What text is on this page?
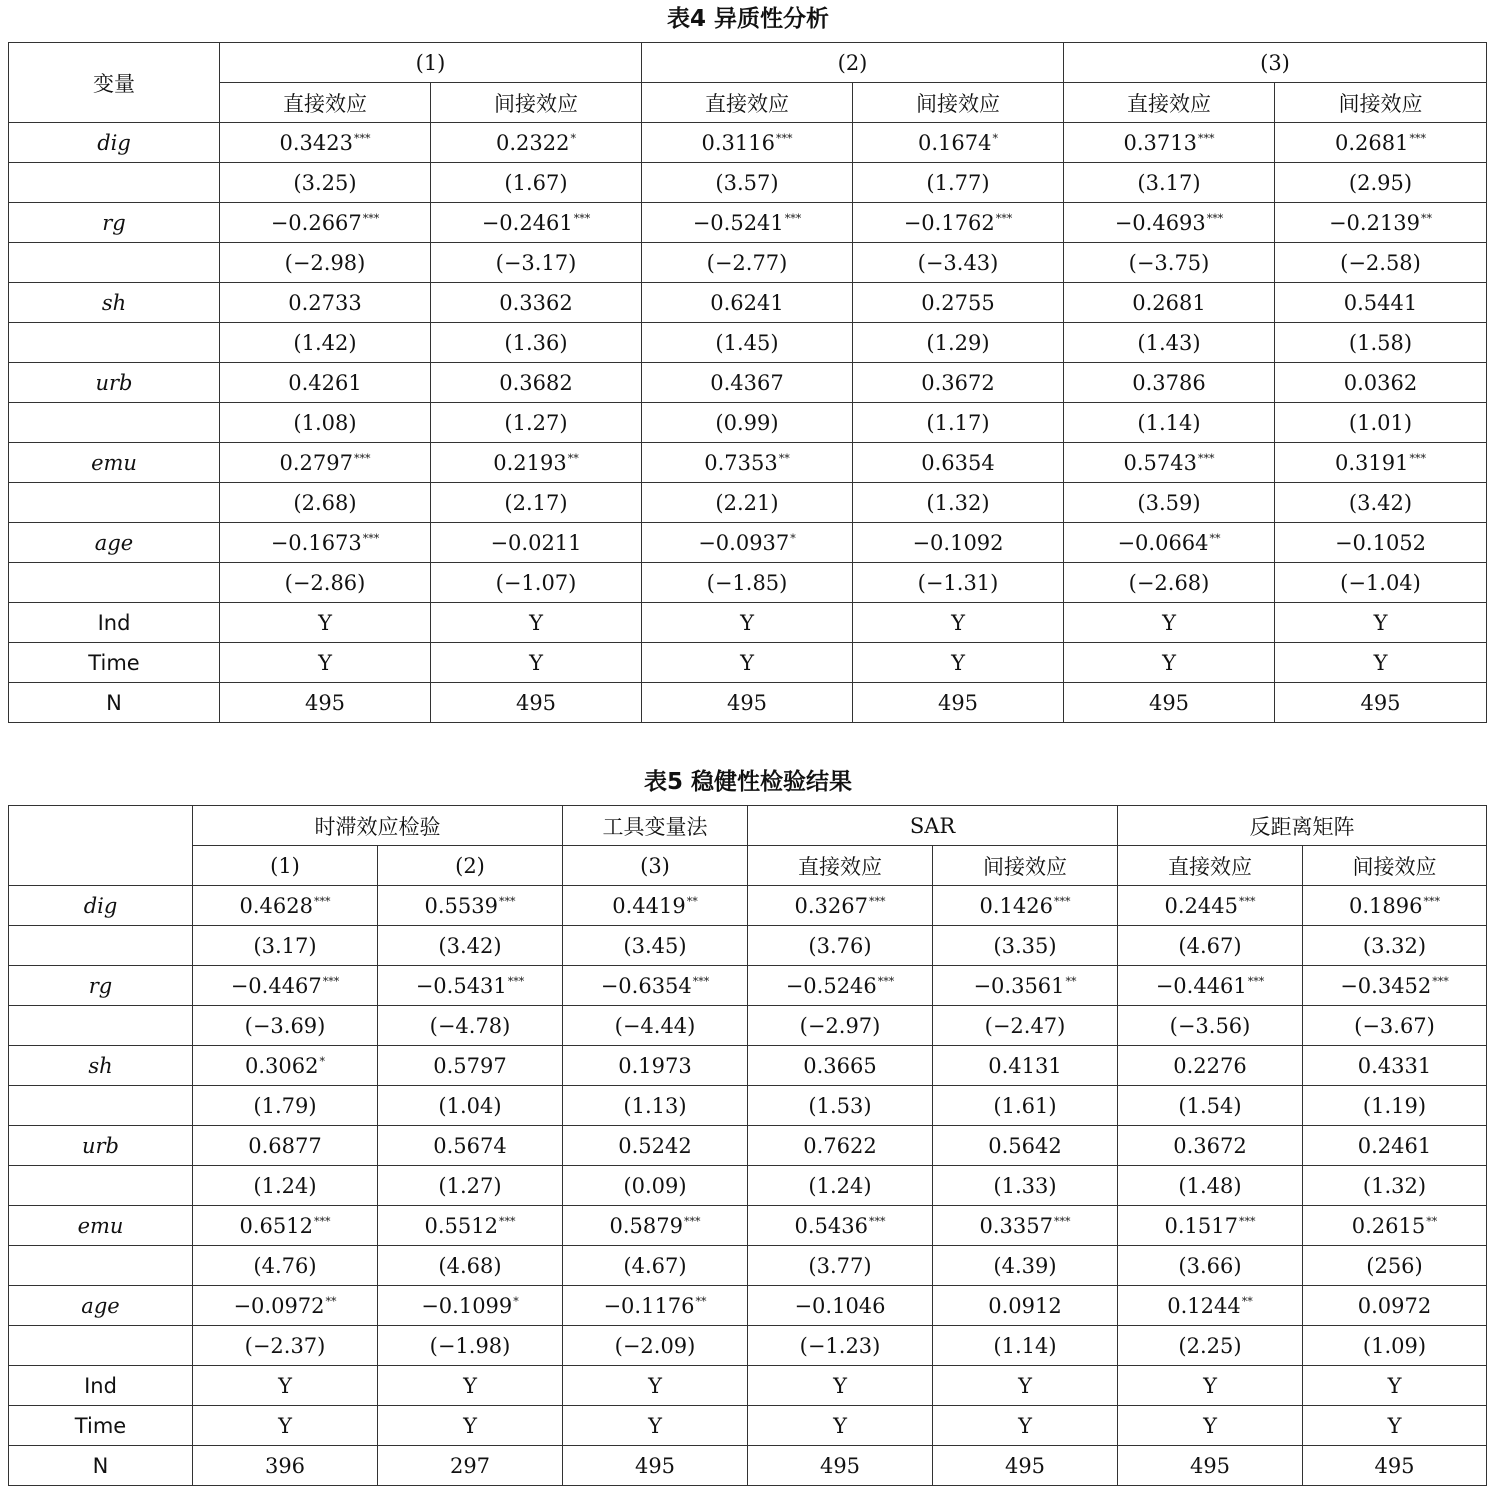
表4 异质性分析
变量	(1)		(2)		(3)	
	直接效应	间接效应	直接效应	间接效应	直接效应	间接效应
dig	0.3423***	0.2322*	0.3116***	0.1674*	0.3713***	0.2681***
	(3.25)	(1.67)	(3.57)	(1.77)	(3.17)	(2.95)
rg	−0.2667***	−0.2461***	−0.5241***	−0.1762***	−0.4693***	−0.2139**
	(−2.98)	(−3.17)	(−2.77)	(−3.43)	(−3.75)	(−2.58)
sh	0.2733	0.3362	0.6241	0.2755	0.2681	0.5441
	(1.42)	(1.36)	(1.45)	(1.29)	(1.43)	(1.58)
urb	0.4261	0.3682	0.4367	0.3672	0.3786	0.0362
	(1.08)	(1.27)	(0.99)	(1.17)	(1.14)	(1.01)
emu	0.2797***	0.2193**	0.7353**	0.6354	0.5743***	0.3191***
	(2.68)	(2.17)	(2.21)	(1.32)	(3.59)	(3.42)
age	−0.1673***	−0.0211	−0.0937*	−0.1092	−0.0664**	−0.1052
	(−2.86)	(−1.07)	(−1.85)	(−1.31)	(−2.68)	(−1.04)
Ind	Y	Y	Y	Y	Y	Y
Time	Y	Y	Y	Y	Y	Y
N	495	495	495	495	495	495
表5 稳健性检验结果
	时滞效应检验		工具变量法	SAR		反距离矩阵	
	(1)	(2)	(3)	直接效应	间接效应	直接效应	间接效应
dig	0.4628***	0.5539***	0.4419**	0.3267***	0.1426***	0.2445***	0.1896***
	(3.17)	(3.42)	(3.45)	(3.76)	(3.35)	(4.67)	(3.32)
rg	−0.4467***	−0.5431***	−0.6354***	−0.5246***	−0.3561**	−0.4461***	−0.3452***
	(−3.69)	(−4.78)	(−4.44)	(−2.97)	(−2.47)	(−3.56)	(−3.67)
sh	0.3062*	0.5797	0.1973	0.3665	0.4131	0.2276	0.4331
	(1.79)	(1.04)	(1.13)	(1.53)	(1.61)	(1.54)	(1.19)
urb	0.6877	0.5674	0.5242	0.7622	0.5642	0.3672	0.2461
	(1.24)	(1.27)	(0.09)	(1.24)	(1.33)	(1.48)	(1.32)
emu	0.6512***	0.5512***	0.5879***	0.5436***	0.3357***	0.1517***	0.2615**
	(4.76)	(4.68)	(4.67)	(3.77)	(4.39)	(3.66)	(256)
age	−0.0972**	−0.1099*	−0.1176**	−0.1046	0.0912	0.1244**	0.0972
	(−2.37)	(−1.98)	(−2.09)	(−1.23)	(1.14)	(2.25)	(1.09)
Ind	Y	Y	Y	Y	Y	Y	Y
Time	Y	Y	Y	Y	Y	Y	Y
N	396	297	495	495	495	495	495
